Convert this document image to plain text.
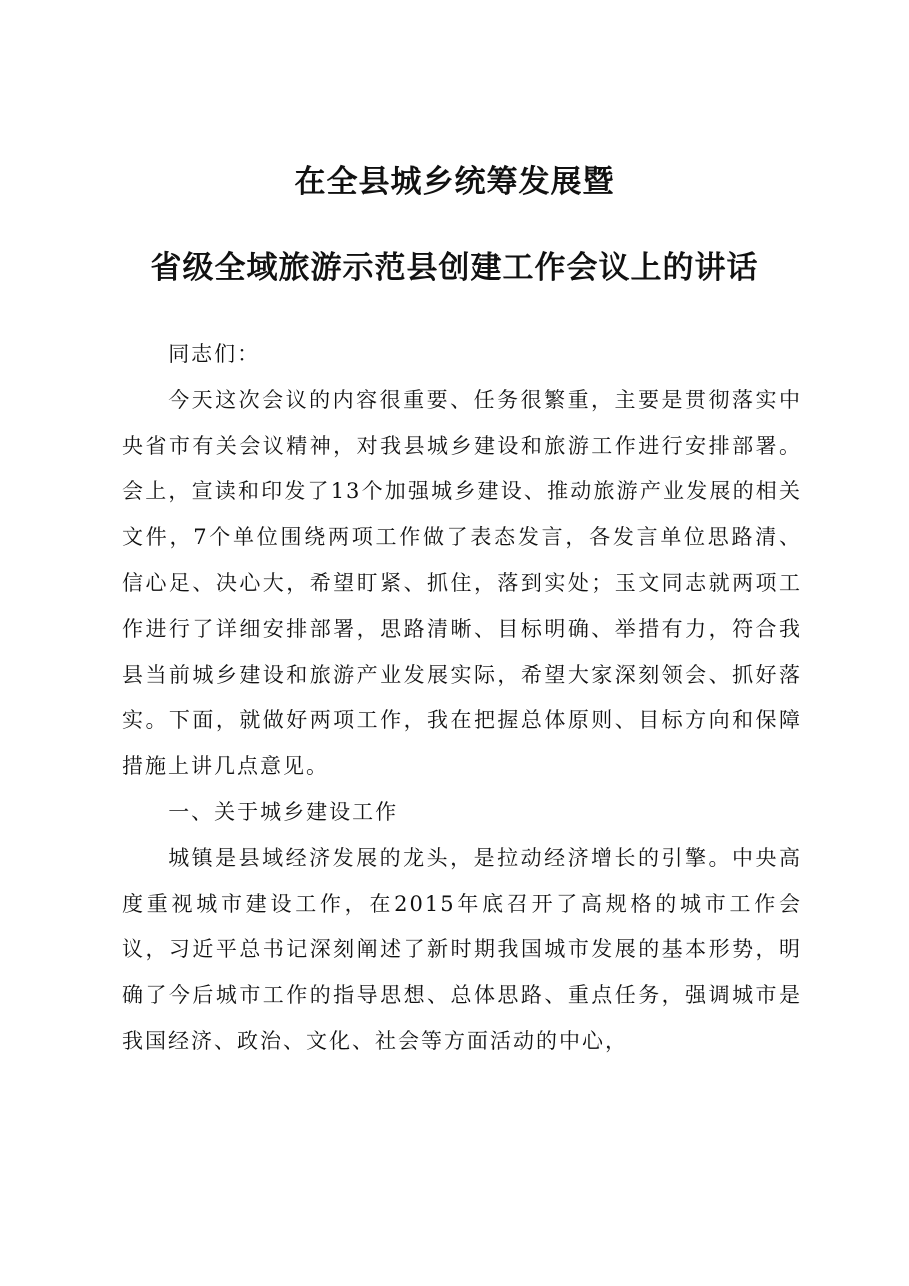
在全县城乡统筹发展暨
省级全域旅游示范县创建工作会议上的讲话

同志们：

今天这次会议的内容很重要、任务很繁重，主要是贯彻落实中央省市有关会议精神，对我县城乡建设和旅游工作进行安排部署。会上，宣读和印发了13个加强城乡建设、推动旅游产业发展的相关文件，7个单位围绕两项工作做了表态发言，各发言单位思路清、信心足、决心大，希望盯紧、抓住，落到实处；玉文同志就两项工作进行了详细安排部署，思路清晰、目标明确、举措有力，符合我县当前城乡建设和旅游产业发展实际，希望大家深刻领会、抓好落实。下面，就做好两项工作，我在把握总体原则、目标方向和保障措施上讲几点意见。

一、关于城乡建设工作

城镇是县域经济发展的龙头，是拉动经济增长的引擎。中央高度重视城市建设工作，在2015年底召开了高规格的城市工作会议，习近平总书记深刻阐述了新时期我国城市发展的基本形势，明确了今后城市工作的指导思想、总体思路、重点任务，强调城市是我国经济、政治、文化、社会等方面活动的中心，
